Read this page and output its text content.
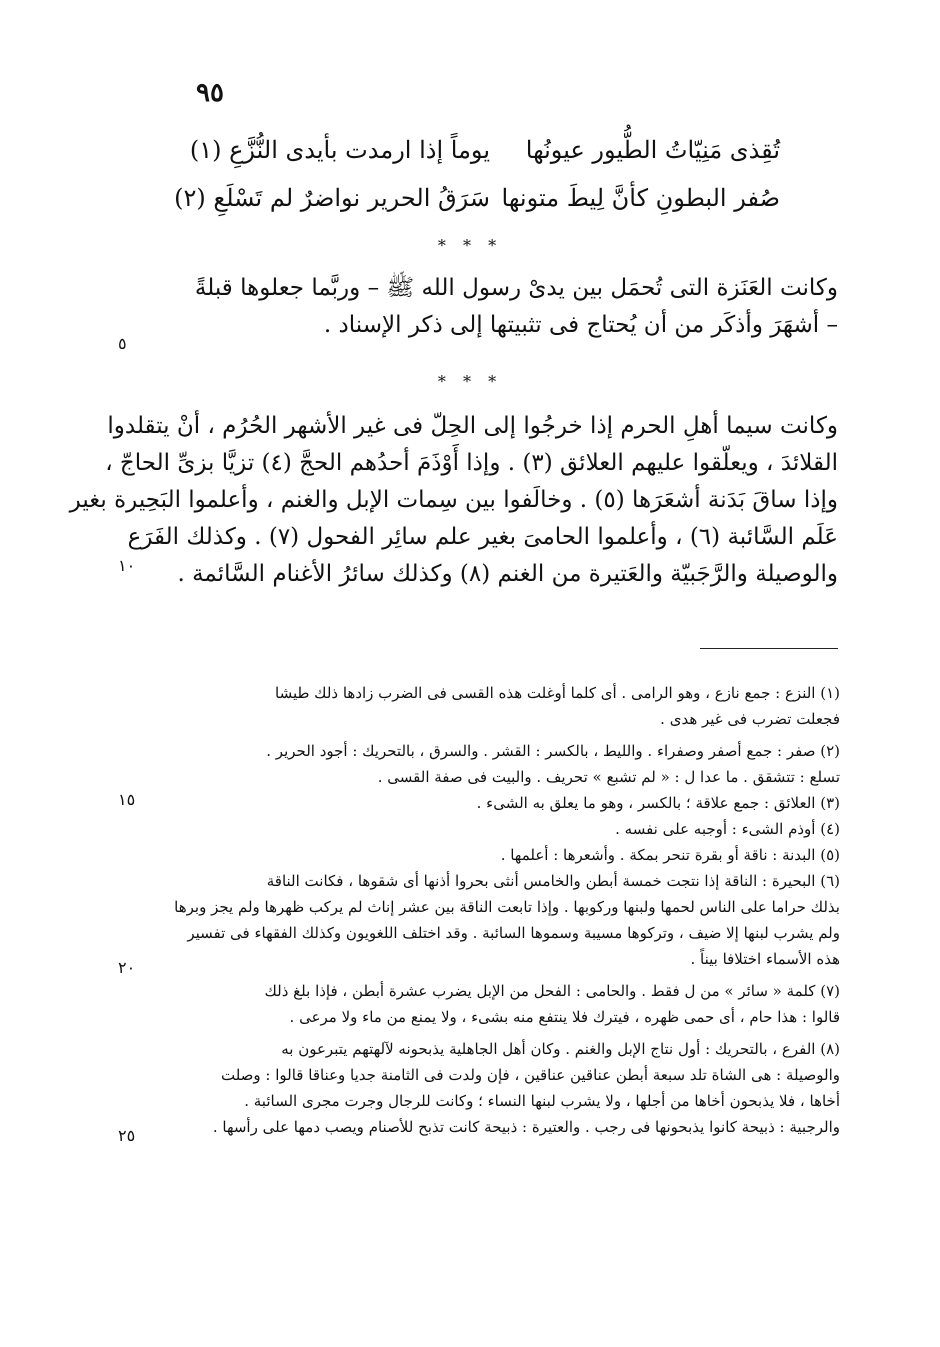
٩٥
تُقِذى مَنِيّاتُ الطُّيور عيونُها
يوماً إذا ارمدت بأيدى النُّزَّعِ (١)
صُفر البطونِ كأنَّ لِيطَ متونها
سَرَقُ الحرير نواضرٌ لم تَسْلَعِ (٢)
* * *
وكانت العَنَزة التى تُحمَل بين يدىْ رسول الله ﷺ – وربَّما جعلوها قبلةً
– أشهَرَ وأذكَر من أن يُحتاج فى تثبيتها إلى ذكر الإسناد .
* * *
وكانت سيما أهلِ الحرم إذا خرجُوا إلى الحِلّ فى غير الأشهر الحُرُم ، أنْ يتقلدوا
القلائدَ ، ويعلّقوا عليهم العلائق (٣) . وإذا أَوْذَمَ أحدُهم الحجَّ (٤) تزيَّا بزىِّ الحاجّ ،
وإذا ساقَ بَدَنة أشعَرَها (٥) . وخالَفوا بين سِمات الإبل والغنم ، وأعلموا البَحِيرة بغير
عَلَم السَّائبة (٦) ، وأعلموا الحامىَ بغير علم سائِر الفحول (٧) . وكذلك الفَرَع
والوصيلة والرَّجَبيّة والعَتيرة من الغنم (٨) وكذلك سائرُ الأغنام السَّائمة .
٥
١٠
١٥
٢٠
٢٥
(١) النزع : جمع نازع ، وهو الرامى . أى كلما أوغلت هذه القسى فى الضرب زادها ذلك طيشا
فجعلت تضرب فى غير هدى .
(٢) صفر : جمع أصفر وصفراء . والليط ، بالكسر : القشر . والسرق ، بالتحريك : أجود الحرير .
تسلع : تتشقق . ما عدا ل : « لم تشبع » تحريف . والبيت فى صفة القسى .
(٣) العلائق : جمع علاقة ؛ بالكسر ، وهو ما يعلق به الشىء .
(٤) أوذم الشىء : أوجبه على نفسه .
(٥) البدنة : ناقة أو بقرة تنحر بمكة . وأشعرها : أعلمها .
(٦) البحيرة : الناقة إذا نتجت خمسة أبطن والخامس أنثى بحروا أذنها أى شقوها ، فكانت الناقة
بذلك حراما على الناس لحمها ولبنها وركوبها . وإذا تابعت الناقة بين عشر إناث لم يركب ظهرها ولم يجز وبرها
ولم يشرب لبنها إلا ضيف ، وتركوها مسيبة وسموها السائبة . وقد اختلف اللغويون وكذلك الفقهاء فى تفسير
هذه الأسماء اختلافا بيناً .
(٧) كلمة « سائر » من ل فقط . والحامى : الفحل من الإبل يضرب عشرة أبطن ، فإذا بلغ ذلك
قالوا : هذا حام ، أى حمى ظهره ، فيترك فلا ينتفع منه بشىء ، ولا يمنع من ماء ولا مرعى .
(٨) الفرع ، بالتحريك : أول نتاج الإبل والغنم . وكان أهل الجاهلية يذبحونه لآلهتهم يتبرعون به
والوصيلة : هى الشاة تلد سبعة أبطن عناقين عناقين ، فإن ولدت فى الثامنة جديا وعناقا قالوا : وصلت
أخاها ، فلا يذبحون أخاها من أجلها ، ولا يشرب لبنها النساء ؛ وكانت للرجال وجرت مجرى السائبة .
والرجبية : ذبيحة كانوا يذبحونها فى رجب . والعتيرة : ذبيحة كانت تذبح للأصنام ويصب دمها على رأسها .
